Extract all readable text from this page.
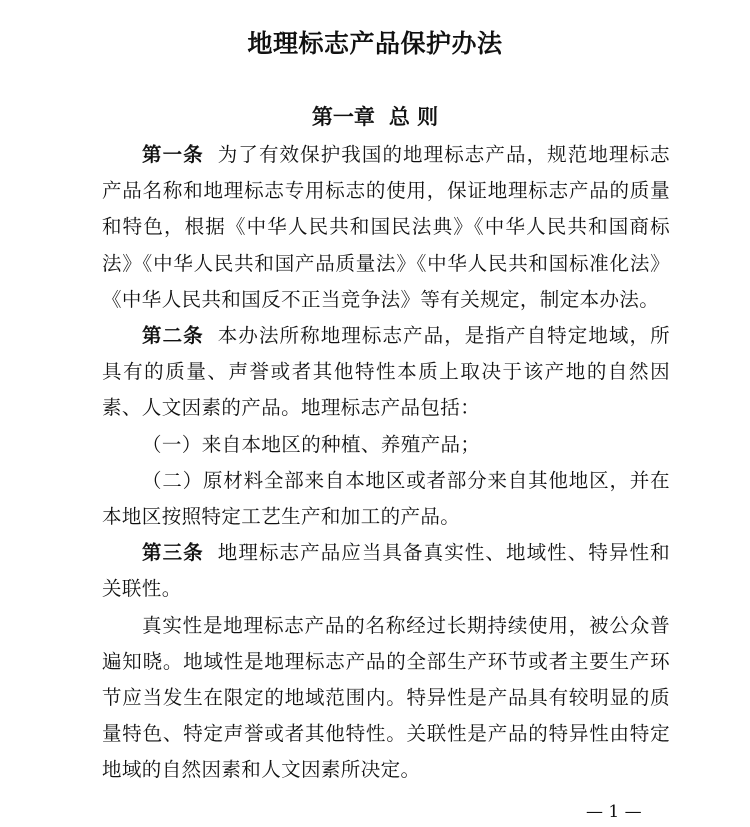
地理标志产品保护办法
第一章 总 则

第一条 为了有效保护我国的地理标志产品，规范地理标志产品名称和地理标志专用标志的使用，保证地理标志产品的质量和特色，根据《中华人民共和国民法典》《中华人民共和国商标法》《中华人民共和国产品质量法》《中华人民共和国标准化法》《中华人民共和国反不正当竞争法》等有关规定，制定本办法。

第二条 本办法所称地理标志产品，是指产自特定地域，所具有的质量、声誉或者其他特性本质上取决于该产地的自然因素、人文因素的产品。地理标志产品包括：

（一）来自本地区的种植、养殖产品；

（二）原材料全部来自本地区或者部分来自其他地区，并在本地区按照特定工艺生产和加工的产品。

第三条 地理标志产品应当具备真实性、地域性、特异性和关联性。

真实性是地理标志产品的名称经过长期持续使用，被公众普遍知晓。地域性是地理标志产品的全部生产环节或者主要生产环节应当发生在限定的地域范围内。特异性是产品具有较明显的质量特色、特定声誉或者其他特性。关联性是产品的特异性由特定地域的自然因素和人文因素所决定。

— 1 —
